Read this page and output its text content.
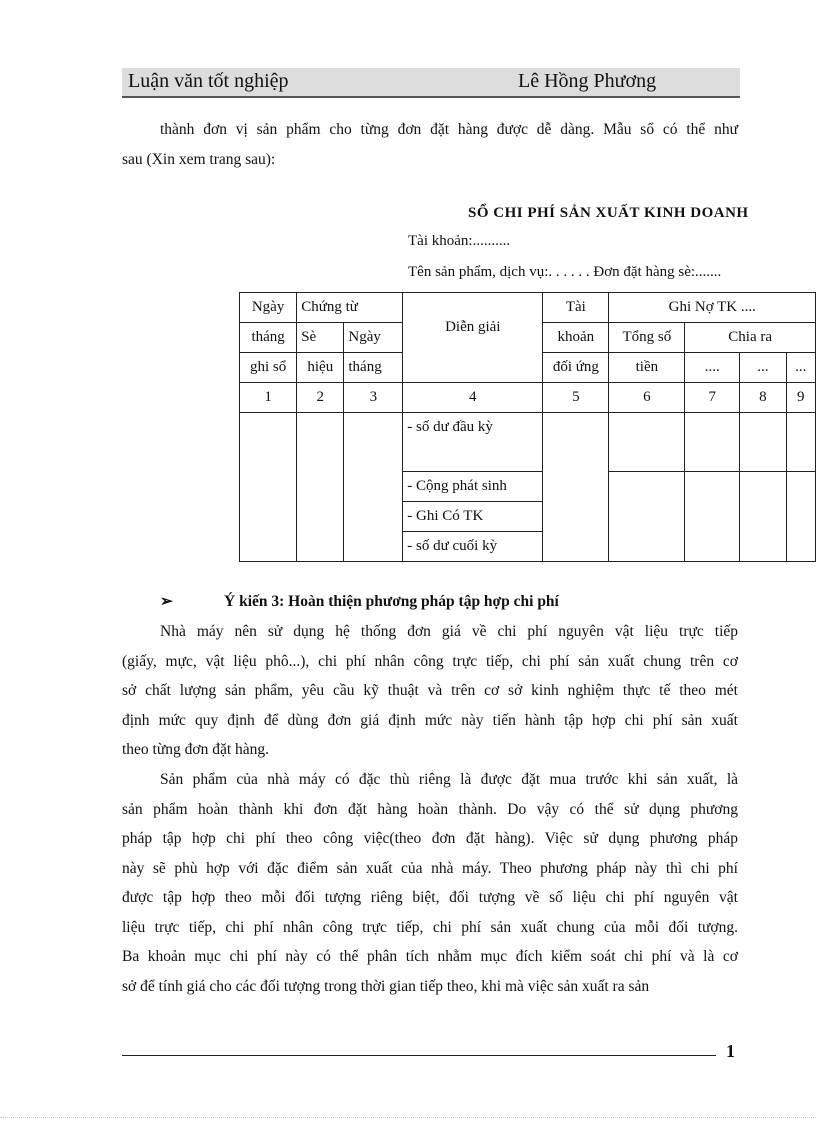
Luận văn tốt nghiệp	Lê Hồng Phương
thành đơn vị sản phẩm cho từng đơn đặt hàng được dễ dàng. Mẫu sổ có thể như
sau (Xin xem trang sau):
SỔ CHI PHÍ SẢN XUẤT KINH DOANH
Tài khoản:..........
Tên sản phẩm, dịch vụ:. . . . . . Đơn đặt hàng sè:.......
Ngày	Chứng từ		Diễn giải	Tài	Ghi Nợ TK ....			
tháng	Sè	Ngày		khoản	Tổng số	Chia ra		
ghi sổ	hiệu	tháng		đối ứng	tiền	....	...	...
1	2	3	4	5	6	7	8	9
			- số dư đầu kỳ					
			- Cộng phát sinh					
			- Ghi Có TK					
			- số dư cuối kỳ					
➢	Ý kiến 3: Hoàn thiện phương pháp tập hợp chi phí
Nhà máy nên sử dụng hệ thống đơn giá về chi phí nguyên vật liệu trực tiếp
(giấy, mực, vật liệu phô...), chi phí nhân công trực tiếp, chi phí sản xuất chung trên cơ
sở chất lượng sản phẩm, yêu cầu kỹ thuật và trên cơ sở kinh nghiệm thực tế theo mét
định mức quy định để dùng đơn giá định mức này tiến hành tập hợp chi phí sản xuất
theo từng đơn đặt hàng.
Sản phẩm của nhà máy có đặc thù riêng là được đặt mua trước khi sản xuất, là
sản phẩm hoàn thành khi đơn đặt hàng hoàn thành. Do vậy có thể sử dụng phương
pháp tập hợp chi phí theo công việc(theo đơn đặt hàng). Việc sử dụng phương pháp
này sẽ phù hợp với đặc điểm sản xuất của nhà máy. Theo phương pháp này thì chi phí
được tập hợp theo mỗi đối tượng riêng biệt, đối tượng về số liệu chi phí nguyên vật
liệu trực tiếp, chi phí nhân công trực tiếp, chi phí sản xuất chung của mỗi đối tượng.
Ba khoản mục chi phí này có thể phân tích nhằm mục đích kiểm soát chi phí và là cơ
sở để tính giá cho các đối tượng trong thời gian tiếp theo, khi mà việc sản xuất ra sản
1
